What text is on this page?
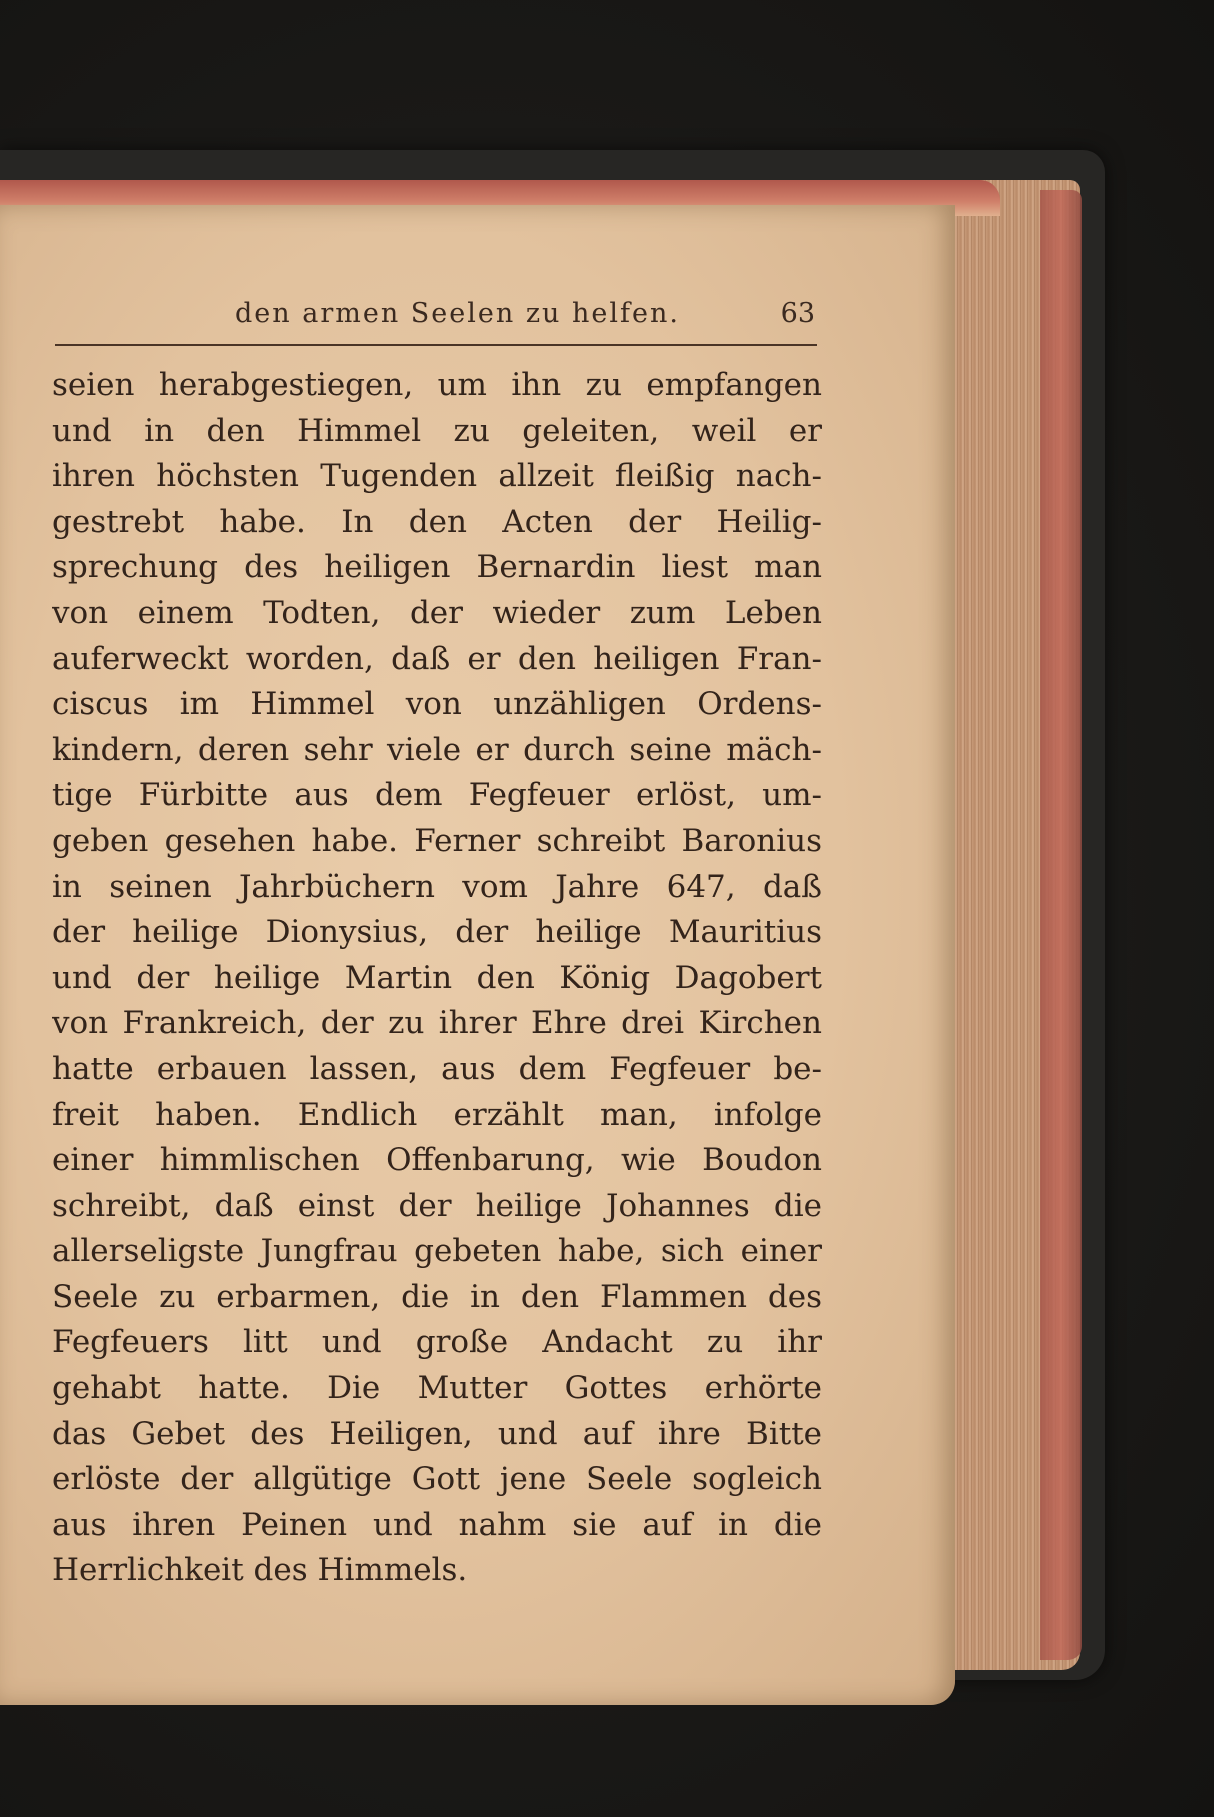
den armen Seelen zu helfen.	63
seien herabgestiegen, um ihn zu empfangen
und in den Himmel zu geleiten, weil er
ihren höchsten Tugenden allzeit fleißig nach-
gestrebt habe. In den Acten der Heilig-
sprechung des heiligen Bernardin liest man
von einem Todten, der wieder zum Leben
auferweckt worden, daß er den heiligen Fran-
ciscus im Himmel von unzähligen Ordens-
kindern, deren sehr viele er durch seine mäch-
tige Fürbitte aus dem Fegfeuer erlöst, um-
geben gesehen habe. Ferner schreibt Baronius
in seinen Jahrbüchern vom Jahre 647, daß
der heilige Dionysius, der heilige Mauritius
und der heilige Martin den König Dagobert
von Frankreich, der zu ihrer Ehre drei Kirchen
hatte erbauen lassen, aus dem Fegfeuer be-
freit haben. Endlich erzählt man, infolge
einer himmlischen Offenbarung, wie Boudon
schreibt, daß einst der heilige Johannes die
allerseligste Jungfrau gebeten habe, sich einer
Seele zu erbarmen, die in den Flammen des
Fegfeuers litt und große Andacht zu ihr
gehabt hatte. Die Mutter Gottes erhörte
das Gebet des Heiligen, und auf ihre Bitte
erlöste der allgütige Gott jene Seele sogleich
aus ihren Peinen und nahm sie auf in die
Herrlichkeit des Himmels.
